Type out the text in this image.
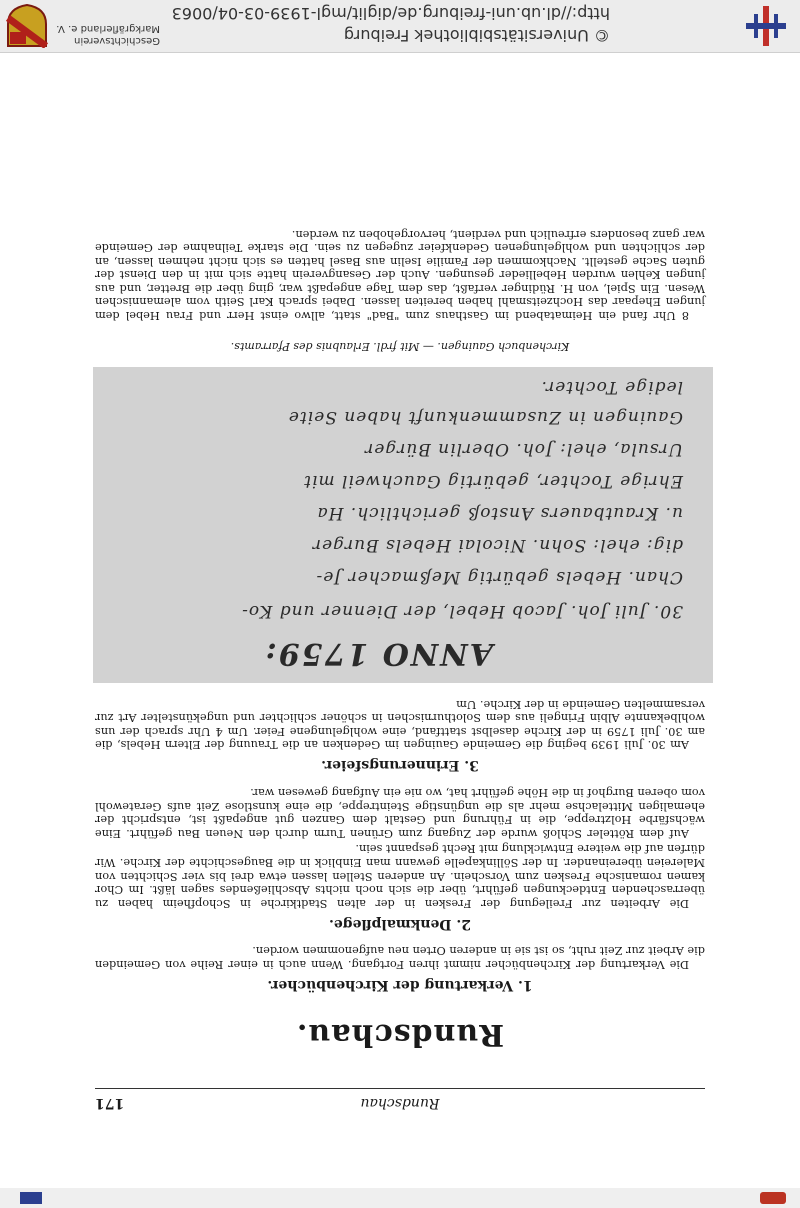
Rundschau
171
Rundschau.
1. Verkartung der Kirchenbücher.

Die Verkartung der Kirchenbücher nimmt ihren Fortgang. Wenn auch in einer Reihe von Gemeinden die Arbeit zur Zeit ruht, so ist sie in anderen Orten neu aufgenommen worden.

2. Denkmalpflege.

Die Arbeiten zur Freilegung der Fresken in der alten Stadtkirche in Schopfheim haben zu überraschenden Entdeckungen geführt, über die sich noch nichts Abschließendes sagen läßt. Im Chor kamen romanische Fresken zum Vorschein. An anderen Stellen lassen etwa drei bis vier Schichten von Malereien übereinander. In der Söllinkapelle gewann man Einblick in die Baugeschichte der Kirche. Wir dürfen auf die weitere Entwicklung mit Recht gespannt sein.

Auf dem Rötteler Schloß wurde der Zugang zum Grünen Turm durch den Neuen Bau geführt. Eine wächsfärbe Holztreppe, die in Führung und Gestalt dem Ganzen gut angepaßt ist, entspricht der ehemaligen Mittelachse mehr als die ungünstige Steintreppe, die eine kunstlose Zeit aufs Geratewohl vom oberen Burghof in die Höhe geführt hat, wo nie ein Aufgang gewesen war.

3. Erinnerungsfeier.

Am 30. Juli 1939 beging die Gemeinde Gauingen im Gedenken an die Trauung der Eltern Hebels, die am 30. Juli 1759 in der Kirche daselbst stattfand, eine wohlgelungene Feier. Um 4 Uhr sprach der uns wohlbekannte Albin Fringeli aus dem Solothurnischen in schöner schlichter und ungekünstelter Art zur versammelten Gemeinde in der Kirche. Um

ANNO 1759:
30. Juli Joh. Jacob Hebel, der Dienner und Ko-
Chan. Hebels gebürtig Meßmacher Je-
dig: ehel: Sohn. Nicolai Hebels Burger
u. Krautbauers Anstoß gerichtlich. Ha
Ehrige Tochter, gebürtig Gauchweil mit
Ursula, ehel: Joh. Oberlin Bürger
Gauingen in Zusammenkunft haben Seite
ledige Tochter.
Kirchenbuch Gauingen. — Mit frdl. Erlaubnis des Pfarramts.

8 Uhr fand ein Heimatabend im Gasthaus zum "Bad" statt, allwo einst Herr und Frau Hebel dem jungen Ehepaar das Hochzeitsmahl haben bereiten lassen. Dabei sprach Karl Seith vom alemannischen Wesen. Ein Spiel, von H. Rüdinger verfaßt, das dem Tage angepaßt war, ging über die Bretter, und aus jungen Kehlen wurden Hebellieder gesungen. Auch der Gesangverein hatte sich mit in den Dienst der guten Sache gestellt. Nachkommen der Familie Iselin aus Basel hatten es sich nicht nehmen lassen, an der schlichten und wohlgelungenen Gedenkfeier zugegen zu sein. Die starke Teilnahme der Gemeinde war ganz besonders erfreulich und verdient, hervorgehoben zu werden.

© Universitätsbibliothek Freiburg
http://dl.ub.uni-freiburg.de/diglit/mgl-1939-03-04/0063
Geschichtsverein
Markgräflerland e. V.
